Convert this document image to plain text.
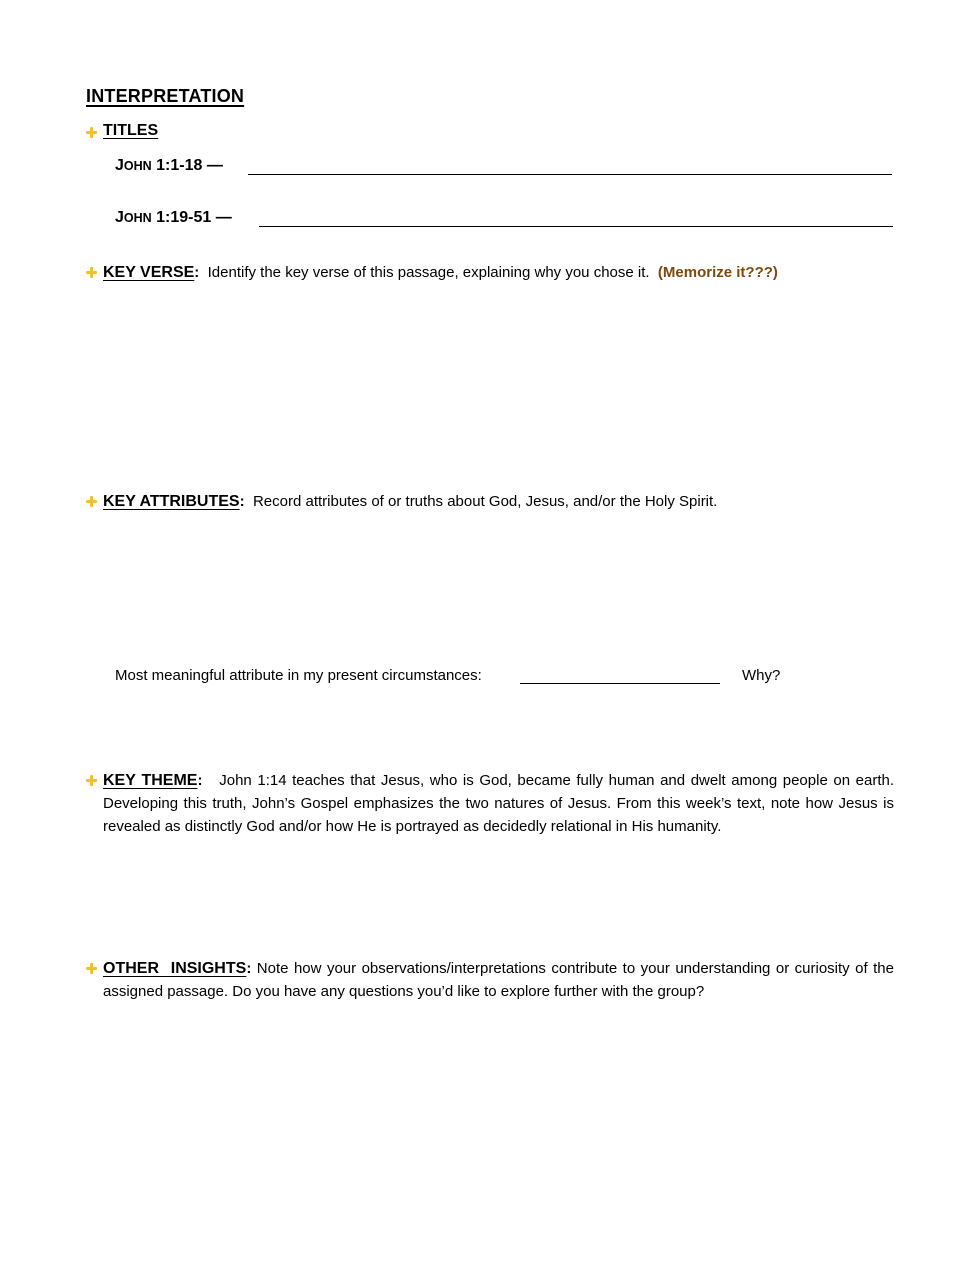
INTERPRETATION
TITLES
JOHN 1:1-18 —
JOHN 1:19-51 —
KEY VERSE: Identify the key verse of this passage, explaining why you chose it. (Memorize it???)
KEY ATTRIBUTES: Record attributes of or truths about God, Jesus, and/or the Holy Spirit.
Most meaningful attribute in my present circumstances:	Why?
KEY THEME: John 1:14 teaches that Jesus, who is God, became fully human and dwelt among people on earth. Developing this truth, John’s Gospel emphasizes the two natures of Jesus. From this week’s text, note how Jesus is revealed as distinctly God and/or how He is portrayed as decidedly relational in His humanity.
OTHER INSIGHTS: Note how your observations/interpretations contribute to your understanding or curiosity of the assigned passage. Do you have any questions you’d like to explore further with the group?
